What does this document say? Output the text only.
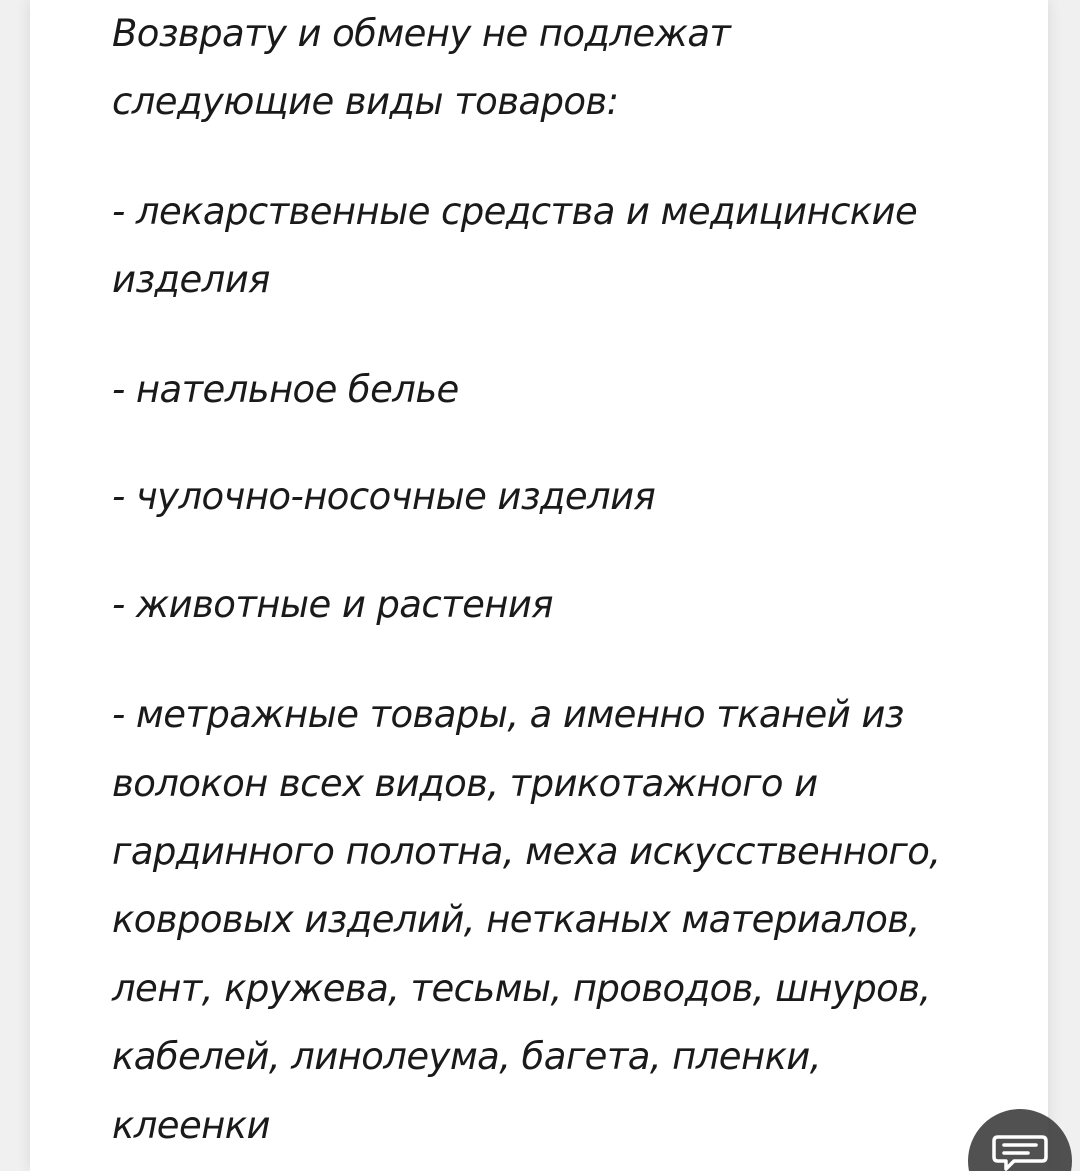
Возврату и обмену не подлежат
следующие виды товаров:
- лекарственные средства и медицинские
изделия
- нательное белье
- чулочно-носочные изделия
- животные и растения
- метражные товары, а именно тканей из
волокон всех видов, трикотажного и
гардинного полотна, меха искусственного,
ковровых изделий, нетканых материалов,
лент, кружева, тесьмы, проводов, шнуров,
кабелей, линолеума, багета, пленки,
клеенки
